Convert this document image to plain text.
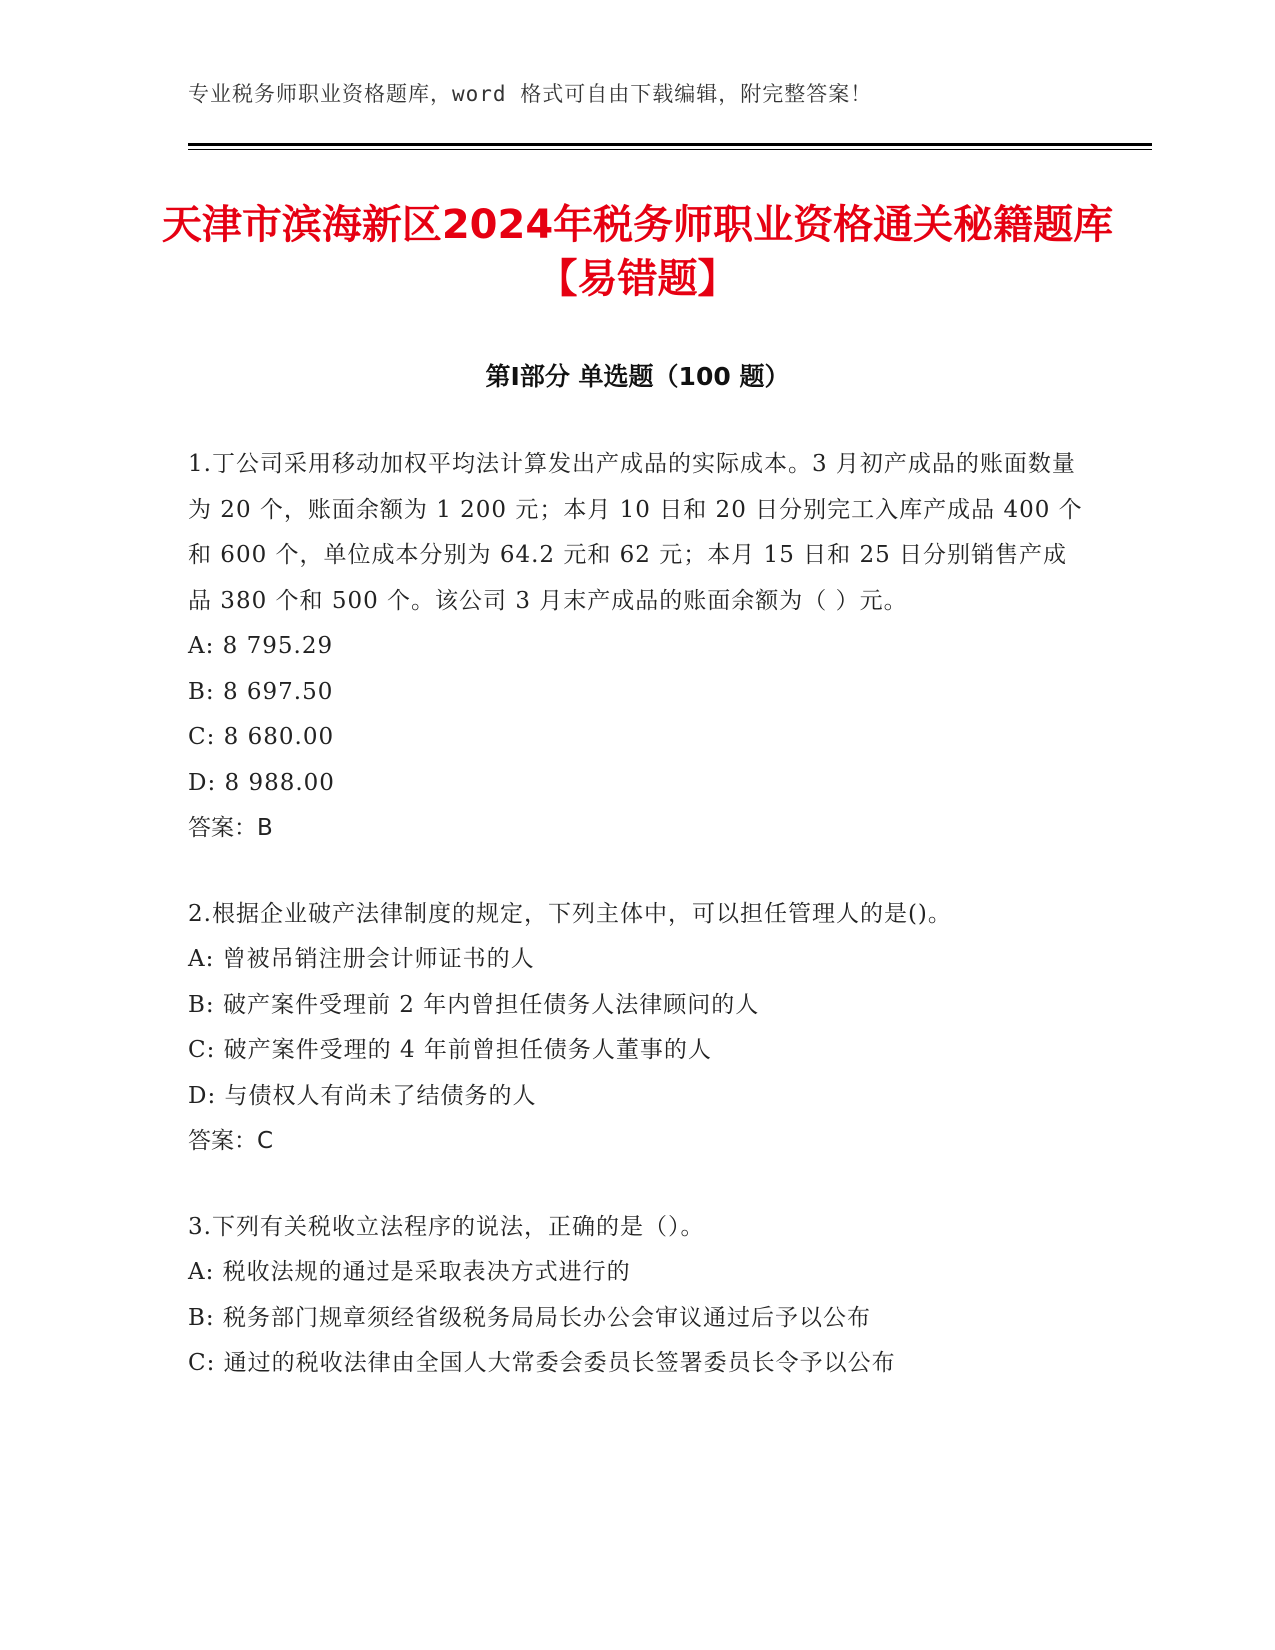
专业税务师职业资格题库，word 格式可自由下载编辑，附完整答案！
天津市滨海新区2024年税务师职业资格通关秘籍题库【易错题】
第Ⅰ部分 单选题（100 题）

1.丁公司采用移动加权平均法计算发出产成品的实际成本。3 月初产成品的账面数量为 20 个，账面余额为 1 200 元；本月 10 日和 20 日分别完工入库产成品 400 个和 600 个，单位成本分别为 64.2 元和 62 元；本月 15 日和 25 日分别销售产成品 380 个和 500 个。该公司 3 月末产成品的账面余额为（ ）元。

A: 8 795.29

B: 8 697.50

C: 8 680.00

D: 8 988.00

答案：B

2.根据企业破产法律制度的规定，下列主体中，可以担任管理人的是()。

A: 曾被吊销注册会计师证书的人

B: 破产案件受理前 2 年内曾担任债务人法律顾问的人

C: 破产案件受理的 4 年前曾担任债务人董事的人

D: 与债权人有尚未了结债务的人

答案：C

3.下列有关税收立法程序的说法，正确的是（）。

A: 税收法规的通过是采取表决方式进行的

B: 税务部门规章须经省级税务局局长办公会审议通过后予以公布

C: 通过的税收法律由全国人大常委会委员长签署委员长令予以公布
